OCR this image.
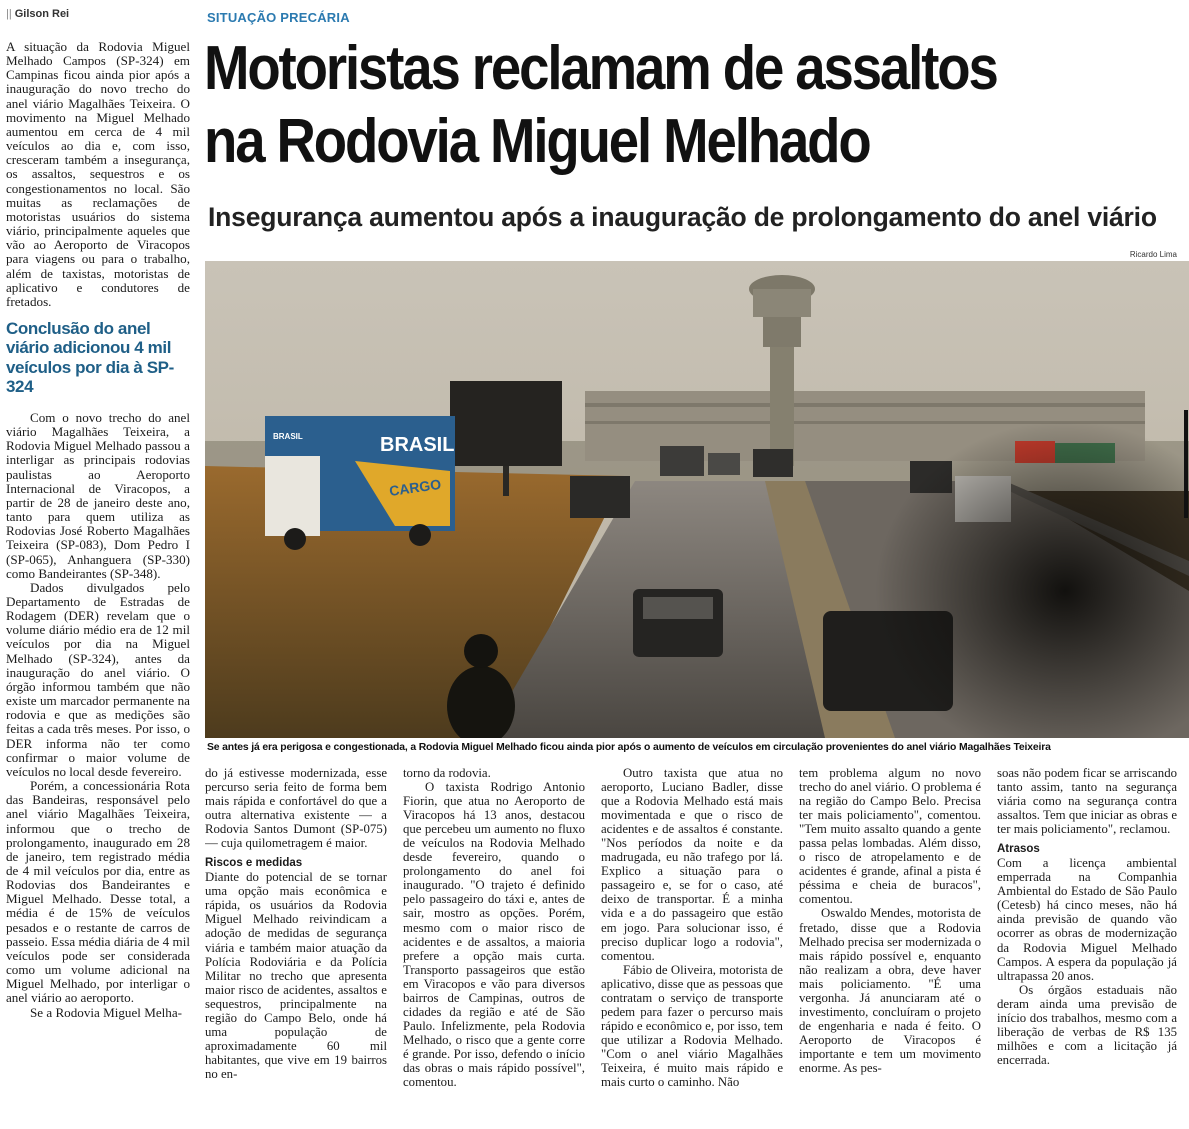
|| Gilson Rei

A situação da Rodovia Miguel Melhado Campos (SP-324) em Campinas ficou ainda pior após a inauguração do novo trecho do anel viário Magalhães Teixeira. O movimento na Miguel Melhado aumentou em cerca de 4 mil veículos ao dia e, com isso, cresceram também a insegurança, os assaltos, sequestros e os congestionamentos no local. São muitas as reclamações de motoristas usuários do sistema viário, principalmente aqueles que vão ao Aeroporto de Viracopos para viagens ou para o trabalho, além de taxistas, motoristas de aplicativo e condutores de fretados.

Conclusão do anel viário adicionou 4 mil veículos por dia à SP-324

Com o novo trecho do anel viário Magalhães Teixeira, a Rodovia Miguel Melhado passou a interligar as principais rodovias paulistas ao Aeroporto Internacional de Viracopos, a partir de 28 de janeiro deste ano, tanto para quem utiliza as Rodovias José Roberto Magalhães Teixeira (SP-083), Dom Pedro I (SP-065), Anhanguera (SP-330) como Bandeirantes (SP-348).

Dados divulgados pelo Departamento de Estradas de Rodagem (DER) revelam que o volume diário médio era de 12 mil veículos por dia na Miguel Melhado (SP-324), antes da inauguração do anel viário. O órgão informou também que não existe um marcador permanente na rodovia e que as medições são feitas a cada três meses. Por isso, o DER informa não ter como confirmar o maior volume de veículos no local desde fevereiro.

Porém, a concessionária Rota das Bandeiras, responsável pelo anel viário Magalhães Teixeira, informou que o trecho de prolongamento, inaugurado em 28 de janeiro, tem registrado média de 4 mil veículos por dia, entre as Rodovias dos Bandeirantes e Miguel Melhado. Desse total, a média é de 15% de veículos pesados e o restante de carros de passeio. Essa média diária de 4 mil veículos pode ser considerada como um volume adicional na Miguel Melhado, por interligar o anel viário ao aeroporto.

Se a Rodovia Miguel Melha-

SITUAÇÃO PRECÁRIA
Motoristas reclamam de assaltos
na Rodovia Miguel Melhado
Insegurança aumentou após a inauguração de prolongamento do anel viário
Ricardo Lima
BRASIL
CARGO
BRASIL
Se antes já era perigosa e congestionada, a Rodovia Miguel Melhado ficou ainda pior após o aumento de veículos em circulação provenientes do anel viário Magalhães Teixeira

do já estivesse modernizada, esse percurso seria feito de forma bem mais rápida e confortável do que a outra alternativa existente — a Rodovia Santos Dumont (SP-075) — cuja quilometragem é maior.

Riscos e medidas

Diante do potencial de se tornar uma opção mais econômica e rápida, os usuários da Rodovia Miguel Melhado reivindicam a adoção de medidas de segurança viária e também maior atuação da Polícia Rodoviária e da Polícia Militar no trecho que apresenta maior risco de acidentes, assaltos e sequestros, principalmente na região do Campo Belo, onde há uma população de aproximadamente 60 mil habitantes, que vive em 19 bairros no en-

torno da rodovia.

O taxista Rodrigo Antonio Fiorin, que atua no Aeroporto de Viracopos há 13 anos, destacou que percebeu um aumento no fluxo de veículos na Rodovia Melhado desde fevereiro, quando o prolongamento do anel foi inaugurado. "O trajeto é definido pelo passageiro do táxi e, antes de sair, mostro as opções. Porém, mesmo com o maior risco de acidentes e de assaltos, a maioria prefere a opção mais curta. Transporto passageiros que estão em Viracopos e vão para diversos bairros de Campinas, outros de cidades da região e até de São Paulo. Infelizmente, pela Rodovia Melhado, o risco que a gente corre é grande. Por isso, defendo o início das obras o mais rápido possível", comentou.

Outro taxista que atua no aeroporto, Luciano Badler, disse que a Rodovia Melhado está mais movimentada e que o risco de acidentes e de assaltos é constante. "Nos períodos da noite e da madrugada, eu não trafego por lá. Explico a situação para o passageiro e, se for o caso, até deixo de transportar. É a minha vida e a do passageiro que estão em jogo. Para solucionar isso, é preciso duplicar logo a rodovia", comentou.

Fábio de Oliveira, motorista de aplicativo, disse que as pessoas que contratam o serviço de transporte pedem para fazer o percurso mais rápido e econômico e, por isso, tem que utilizar a Rodovia Melhado. "Com o anel viário Magalhães Teixeira, é muito mais rápido e mais curto o caminho. Não

tem problema algum no novo trecho do anel viário. O problema é na região do Campo Belo. Precisa ter mais policiamento", comentou. "Tem muito assalto quando a gente passa pelas lombadas. Além disso, o risco de atropelamento e de acidentes é grande, afinal a pista é péssima e cheia de buracos", comentou.

Oswaldo Mendes, motorista de fretado, disse que a Rodovia Melhado precisa ser modernizada o mais rápido possível e, enquanto não realizam a obra, deve haver mais policiamento. "É uma vergonha. Já anunciaram até o investimento, concluíram o projeto de engenharia e nada é feito. O Aeroporto de Viracopos é importante e tem um movimento enorme. As pes-

soas não podem ficar se arriscando tanto assim, tanto na segurança viária como na segurança contra assaltos. Tem que iniciar as obras e ter mais policiamento", reclamou.

Atrasos

Com a licença ambiental emperrada na Companhia Ambiental do Estado de São Paulo (Cetesb) há cinco meses, não há ainda previsão de quando vão ocorrer as obras de modernização da Rodovia Miguel Melhado Campos. A espera da população já ultrapassa 20 anos.

Os órgãos estaduais não deram ainda uma previsão de início dos trabalhos, mesmo com a liberação de verbas de R$ 135 milhões e com a licitação já encerrada.
